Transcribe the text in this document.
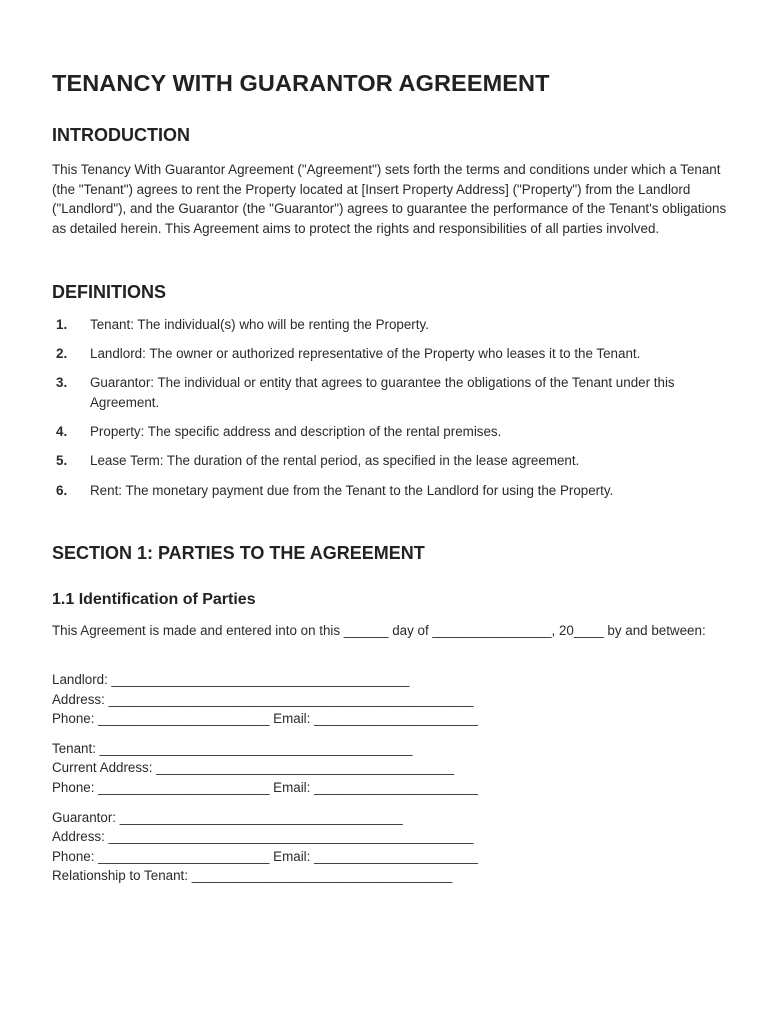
TENANCY WITH GUARANTOR AGREEMENT
INTRODUCTION

This Tenancy With Guarantor Agreement ("Agreement") sets forth the terms and conditions under which a Tenant (the "Tenant") agrees to rent the Property located at [Insert Property Address] ("Property") from the Landlord ("Landlord"), and the Guarantor (the "Guarantor") agrees to guarantee the performance of the Tenant's obligations as detailed herein. This Agreement aims to protect the rights and responsibilities of all parties involved.

DEFINITIONS
1. Tenant: The individual(s) who will be renting the Property.
2. Landlord: The owner or authorized representative of the Property who leases it to the Tenant.
3. Guarantor: The individual or entity that agrees to guarantee the obligations of the Tenant under this Agreement.
4. Property: The specific address and description of the rental premises.
5. Lease Term: The duration of the rental period, as specified in the lease agreement.
6. Rent: The monetary payment due from the Tenant to the Landlord for using the Property.
SECTION 1: PARTIES TO THE AGREEMENT
1.1 Identification of Parties

This Agreement is made and entered into on this ______ day of ________________, 20____ by and between:

Landlord: ________________________________________
Address: _________________________________________________
Phone: _______________________ Email: ______________________
Tenant: __________________________________________
Current Address: ________________________________________
Phone: _______________________ Email: ______________________
Guarantor: ______________________________________
Address: _________________________________________________
Phone: _______________________ Email: ______________________
Relationship to Tenant: ___________________________________
